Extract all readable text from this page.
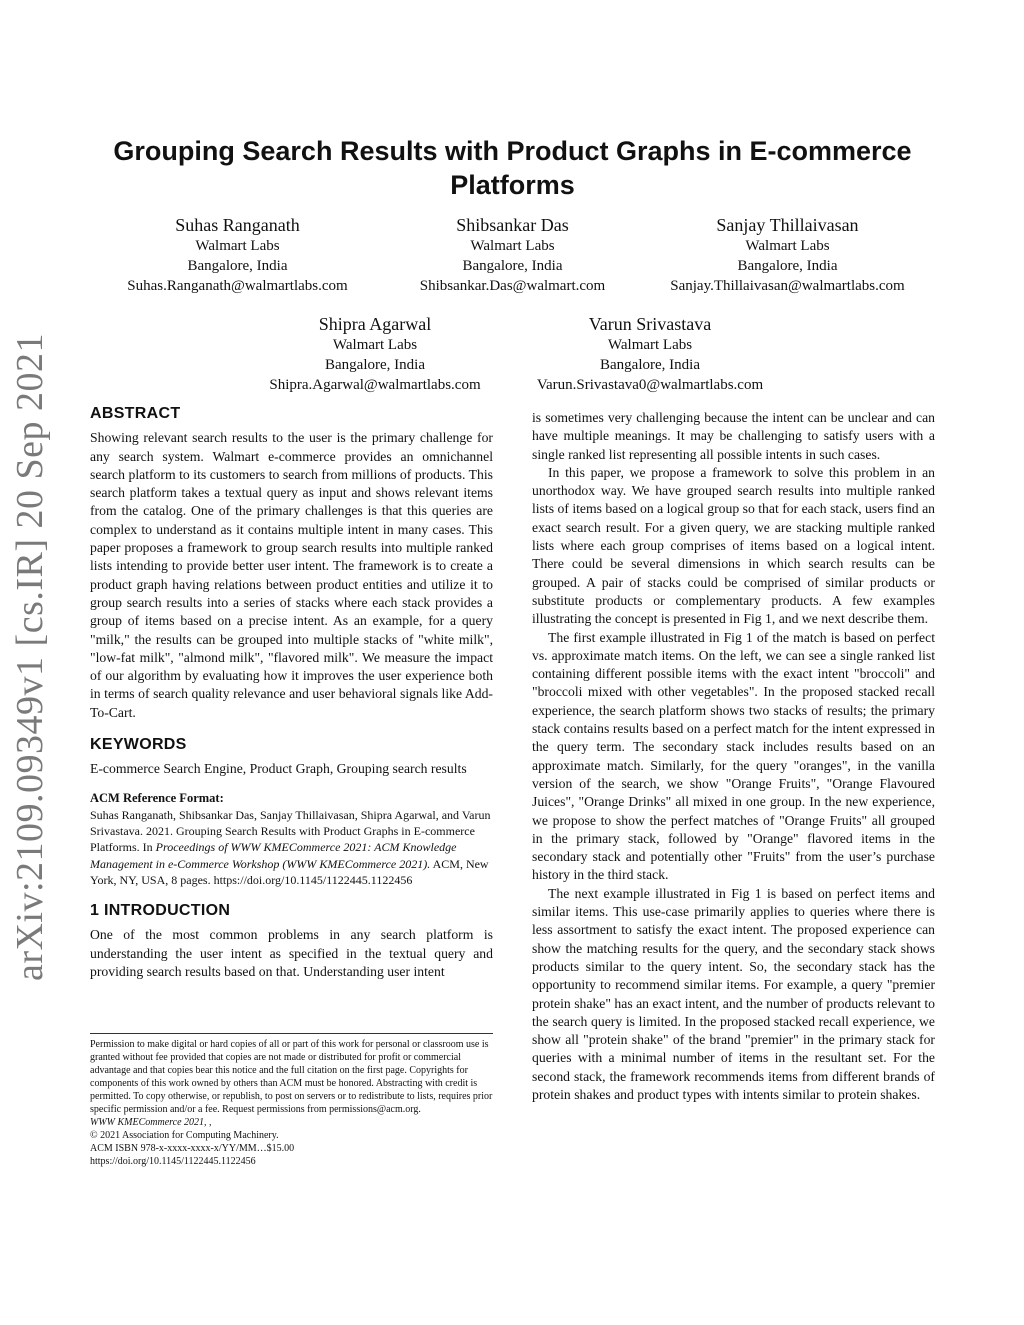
arXiv:2109.09349v1 [cs.IR] 20 Sep 2021
Grouping Search Results with Product Graphs in E-commerce Platforms
Suhas Ranganath
Walmart Labs
Bangalore, India
Suhas.Ranganath@walmartlabs.com
Shibsankar Das
Walmart Labs
Bangalore, India
Shibsankar.Das@walmart.com
Sanjay Thillaivasan
Walmart Labs
Bangalore, India
Sanjay.Thillaivasan@walmartlabs.com
Shipra Agarwal
Walmart Labs
Bangalore, India
Shipra.Agarwal@walmartlabs.com
Varun Srivastava
Walmart Labs
Bangalore, India
Varun.Srivastava0@walmartlabs.com
ABSTRACT

Showing relevant search results to the user is the primary challenge for any search system. Walmart e-commerce provides an omnichannel search platform to its customers to search from millions of products. This search platform takes a textual query as input and shows relevant items from the catalog. One of the primary challenges is that this queries are complex to understand as it contains multiple intent in many cases. This paper proposes a framework to group search results into multiple ranked lists intending to provide better user intent. The framework is to create a product graph having relations between product entities and utilize it to group search results into a series of stacks where each stack provides a group of items based on a precise intent. As an example, for a query "milk," the results can be grouped into multiple stacks of "white milk", "low-fat milk", "almond milk", "flavored milk". We measure the impact of our algorithm by evaluating how it improves the user experience both in terms of search quality relevance and user behavioral signals like Add-To-Cart.

KEYWORDS

E-commerce Search Engine, Product Graph, Grouping search results

ACM Reference Format:
Suhas Ranganath, Shibsankar Das, Sanjay Thillaivasan, Shipra Agarwal, and Varun Srivastava. 2021. Grouping Search Results with Product Graphs in E-commerce Platforms. In Proceedings of WWW KMECommerce 2021: ACM Knowledge Management in e-Commerce Workshop (WWW KMECommerce 2021). ACM, New York, NY, USA, 8 pages. https://doi.org/10.1145/1122445.1122456
1 INTRODUCTION

One of the most common problems in any search platform is understanding the user intent as specified in the textual query and providing search results based on that. Understanding user intent

Permission to make digital or hard copies of all or part of this work for personal or classroom use is granted without fee provided that copies are not made or distributed for profit or commercial advantage and that copies bear this notice and the full citation on the first page. Copyrights for components of this work owned by others than ACM must be honored. Abstracting with credit is permitted. To copy otherwise, or republish, to post on servers or to redistribute to lists, requires prior specific permission and/or a fee. Request permissions from permissions@acm.org.

WWW KMECommerce 2021, ,

© 2021 Association for Computing Machinery.

ACM ISBN 978-x-xxxx-xxxx-x/YY/MM…$15.00

https://doi.org/10.1145/1122445.1122456

is sometimes very challenging because the intent can be unclear and can have multiple meanings. It may be challenging to satisfy users with a single ranked list representing all possible intents in such cases.

In this paper, we propose a framework to solve this problem in an unorthodox way. We have grouped search results into multiple ranked lists of items based on a logical group so that for each stack, users find an exact search result. For a given query, we are stacking multiple ranked lists where each group comprises of items based on a logical intent. There could be several dimensions in which search results can be grouped. A pair of stacks could be comprised of similar products or substitute products or complementary products. A few examples illustrating the concept is presented in Fig 1, and we next describe them.

The first example illustrated in Fig 1 of the match is based on perfect vs. approximate match items. On the left, we can see a single ranked list containing different possible items with the exact intent "broccoli" and "broccoli mixed with other vegetables". In the proposed stacked recall experience, the search platform shows two stacks of results; the primary stack contains results based on a perfect match for the intent expressed in the query term. The secondary stack includes results based on an approximate match. Similarly, for the query "oranges", in the vanilla version of the search, we show "Orange Fruits", "Orange Flavoured Juices", "Orange Drinks" all mixed in one group. In the new experience, we propose to show the perfect matches of "Orange Fruits" all grouped in the primary stack, followed by "Orange" flavored items in the secondary stack and potentially other "Fruits" from the user’s purchase history in the third stack.

The next example illustrated in Fig 1 is based on perfect items and similar items. This use-case primarily applies to queries where there is less assortment to satisfy the exact intent. The proposed experience can show the matching results for the query, and the secondary stack shows products similar to the query intent. So, the secondary stack has the opportunity to recommend similar items. For example, a query "premier protein shake" has an exact intent, and the number of products relevant to the search query is limited. In the proposed stacked recall experience, we show all "protein shake" of the brand "premier" in the primary stack for queries with a minimal number of items in the resultant set. For the second stack, the framework recommends items from different brands of protein shakes and product types with intents similar to protein shakes.
